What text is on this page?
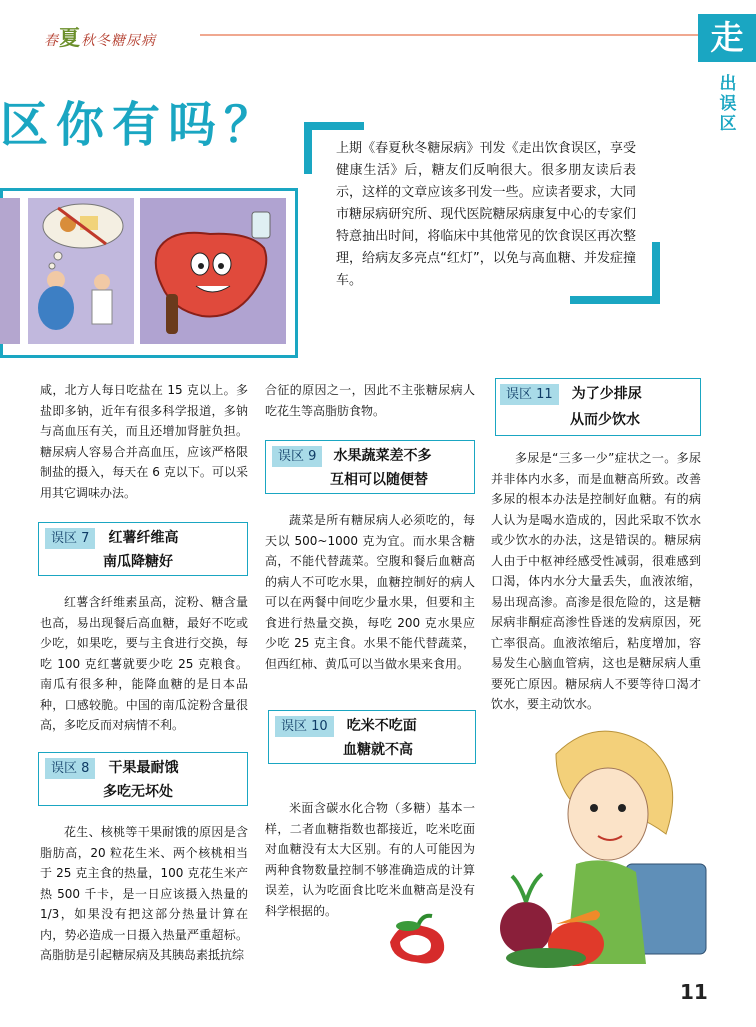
春夏秋冬糖尿病	走
出误区
区你有吗？	上期《春夏秋冬糖尿病》刊发《走出饮食误区，享受健康生活》后，糖友们反响很大。很多朋友读后表示，这样的文章应该多刊发一些。应读者要求，大同市糖尿病研究所、现代医院糖尿病康复中心的专家们特意抽出时间，将临床中其他常见的饮食误区再次整理，给病友多亮点“红灯”，以免与高血糖、并发症撞车。
咸，北方人每日吃盐在 15 克以上。多盐即多钠，近年有很多科学报道，多钠与高血压有关，而且还增加肾脏负担。糖尿病人容易合并高血压，应该严格限制盐的摄入，每天在 6 克以下。可以采用其它调味办法。
误区 7 红薯纤维高
南瓜降糖好
红薯含纤维素虽高，淀粉、糖含量也高，易出现餐后高血糖，最好不吃或少吃，如果吃，要与主食进行交换，每吃 100 克红薯就要少吃 25 克粮食。南瓜有很多种，能降血糖的是日本品种，口感较脆。中国的南瓜淀粉含量很高，多吃反而对病情不利。
误区 8 干果最耐饿
多吃无坏处
花生、核桃等干果耐饿的原因是含脂肪高，20 粒花生米、两个核桃相当于 25 克主食的热量，100 克花生米产热 500 千卡，是一日应该摄入热量的 1/3，如果没有把这部分热量计算在内，势必造成一日摄入热量严重超标。高脂肪是引起糖尿病及其胰岛素抵抗综
合征的原因之一，因此不主张糖尿病人吃花生等高脂肪食物。
误区 9 水果蔬菜差不多
互相可以随便替
蔬菜是所有糖尿病人必须吃的，每天以 500~1000 克为宜。而水果含糖高，不能代替蔬菜。空腹和餐后血糖高的病人不可吃水果，血糖控制好的病人可以在两餐中间吃少量水果，但要和主食进行热量交换，每吃 200 克水果应少吃 25 克主食。水果不能代替蔬菜，但西红柿、黄瓜可以当做水果来食用。
误区 10 吃米不吃面
血糖就不高
米面含碳水化合物（多糖）基本一样，二者血糖指数也都接近，吃米吃面对血糖没有太大区别。有的人可能因为两种食物数量控制不够准确造成的计算误差，认为吃面食比吃米血糖高是没有科学根据的。
误区 11 为了少排尿
从而少饮水
多尿是“三多一少”症状之一。多尿并非体内水多，而是血糖高所致。改善多尿的根本办法是控制好血糖。有的病人认为是喝水造成的，因此采取不饮水或少饮水的办法，这是错误的。糖尿病人由于中枢神经感受性减弱，很难感到口渴，体内水分大量丢失，血液浓缩，易出现高渗。高渗是很危险的，这是糖尿病非酮症高渗性昏迷的发病原因，死亡率很高。血液浓缩后，粘度增加，容易发生心脑血管病，这也是糖尿病人重要死亡原因。糖尿病人不要等待口渴才饮水，要主动饮水。
11
